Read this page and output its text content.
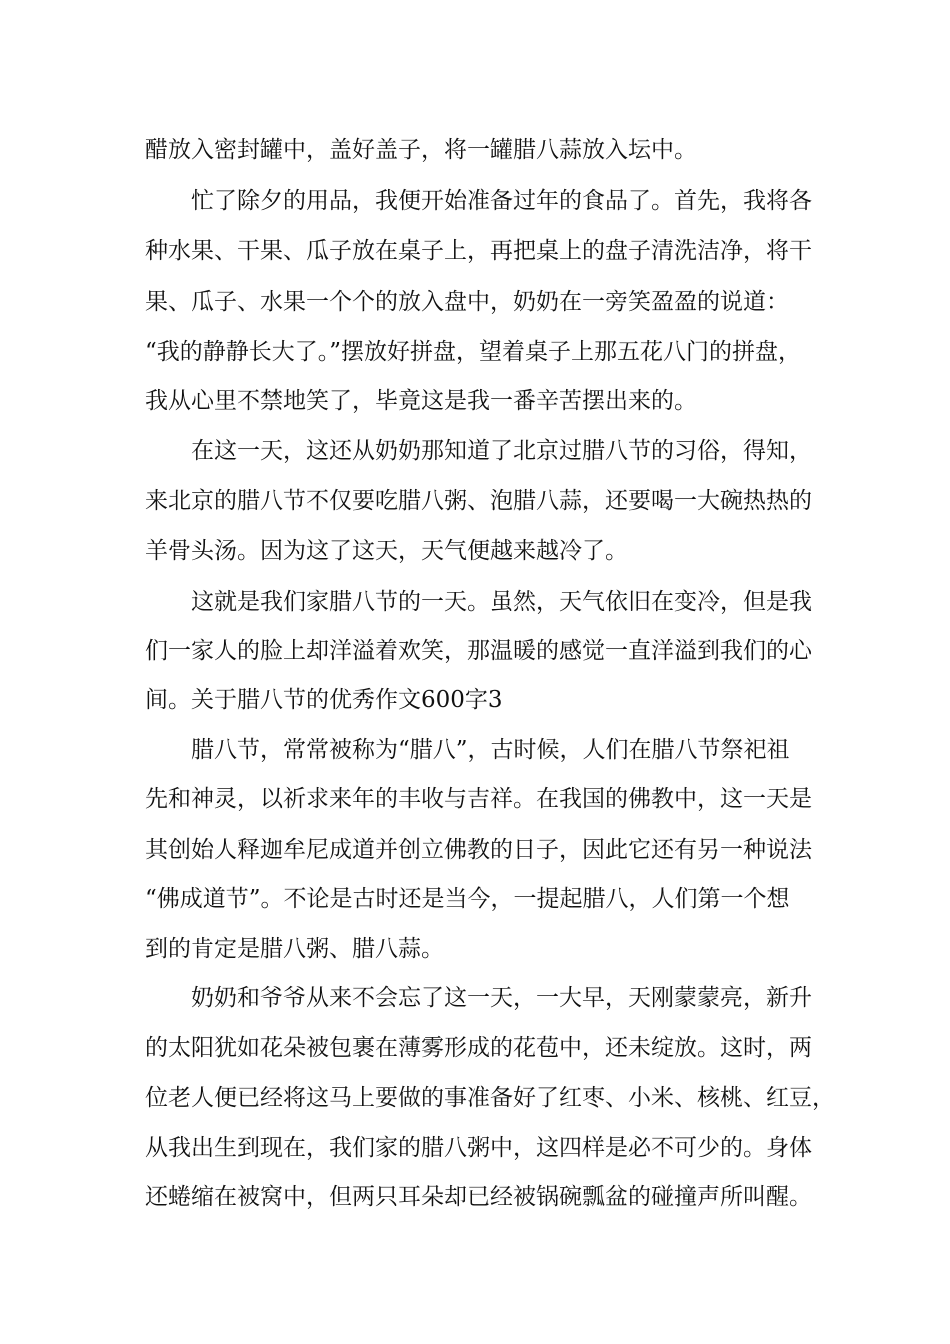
醋放入密封罐中，盖好盖子，将一罐腊八蒜放入坛中。
忙了除夕的用品，我便开始准备过年的食品了。首先，我将各
种水果、干果、瓜子放在桌子上，再把桌上的盘子清洗洁净，将干
果、瓜子、水果一个个的放入盘中，奶奶在一旁笑盈盈的说道：
“我的静静长大了。”摆放好拼盘，望着桌子上那五花八门的拼盘，
我从心里不禁地笑了，毕竟这是我一番辛苦摆出来的。
在这一天，这还从奶奶那知道了北京过腊八节的习俗，得知，
来北京的腊八节不仅要吃腊八粥、泡腊八蒜，还要喝一大碗热热的
羊骨头汤。因为这了这天，天气便越来越冷了。
这就是我们家腊八节的一天。虽然，天气依旧在变冷，但是我
们一家人的脸上却洋溢着欢笑，那温暖的感觉一直洋溢到我们的心
间。关于腊八节的优秀作文600字3
腊八节，常常被称为“腊八”，古时候，人们在腊八节祭祀祖
先和神灵，以祈求来年的丰收与吉祥。在我国的佛教中，这一天是
其创始人释迦牟尼成道并创立佛教的日子，因此它还有另一种说法
“佛成道节”。不论是古时还是当今，一提起腊八，人们第一个想
到的肯定是腊八粥、腊八蒜。
奶奶和爷爷从来不会忘了这一天，一大早，天刚蒙蒙亮，新升
的太阳犹如花朵被包裹在薄雾形成的花苞中，还未绽放。这时，两
位老人便已经将这马上要做的事准备好了红枣、小米、核桃、红豆，
从我出生到现在，我们家的腊八粥中，这四样是必不可少的。身体
还蜷缩在被窝中，但两只耳朵却已经被锅碗瓢盆的碰撞声所叫醒。
